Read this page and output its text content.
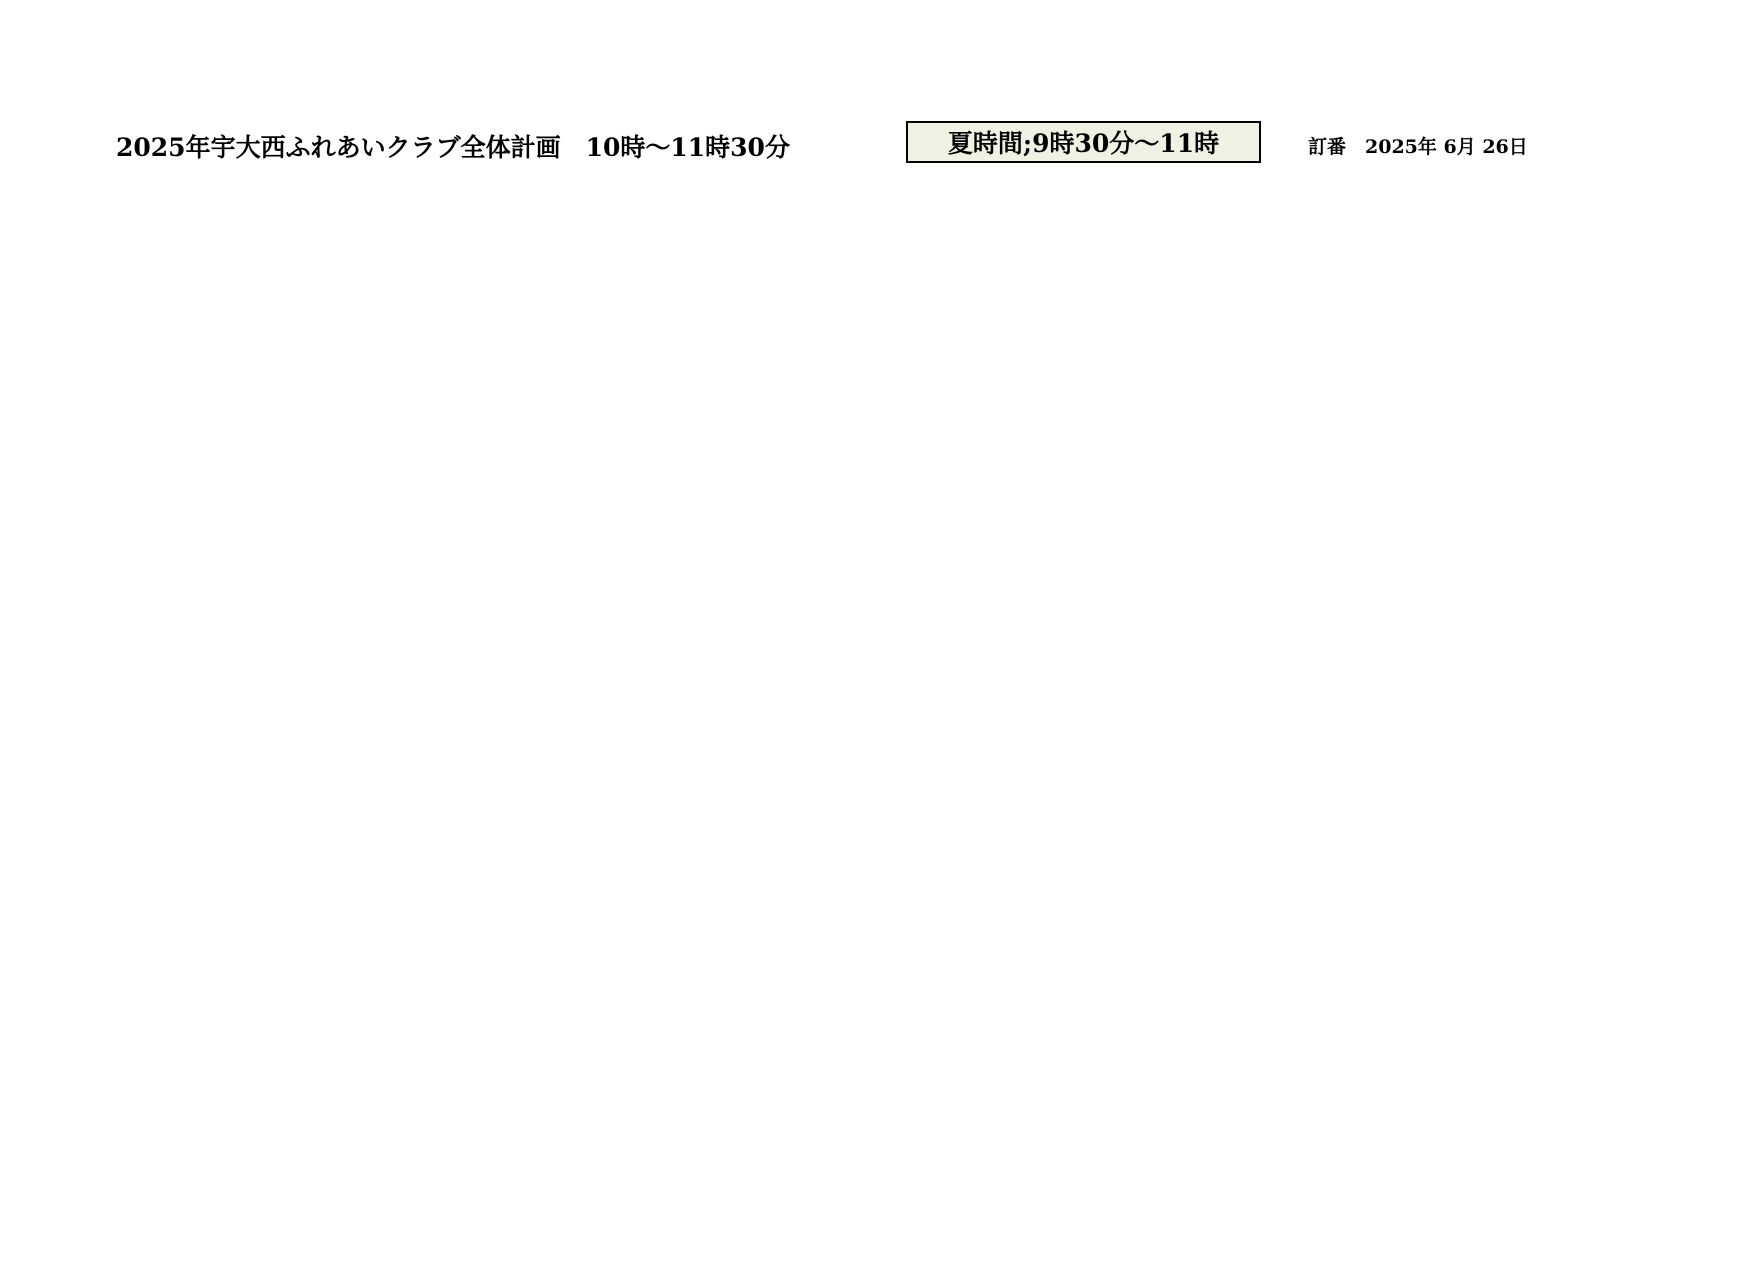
2025年宇大西ふれあいクラブ全体計画　10時～11時30分	夏時間;9時30分～11時	訂番　2025年 6月 26日
